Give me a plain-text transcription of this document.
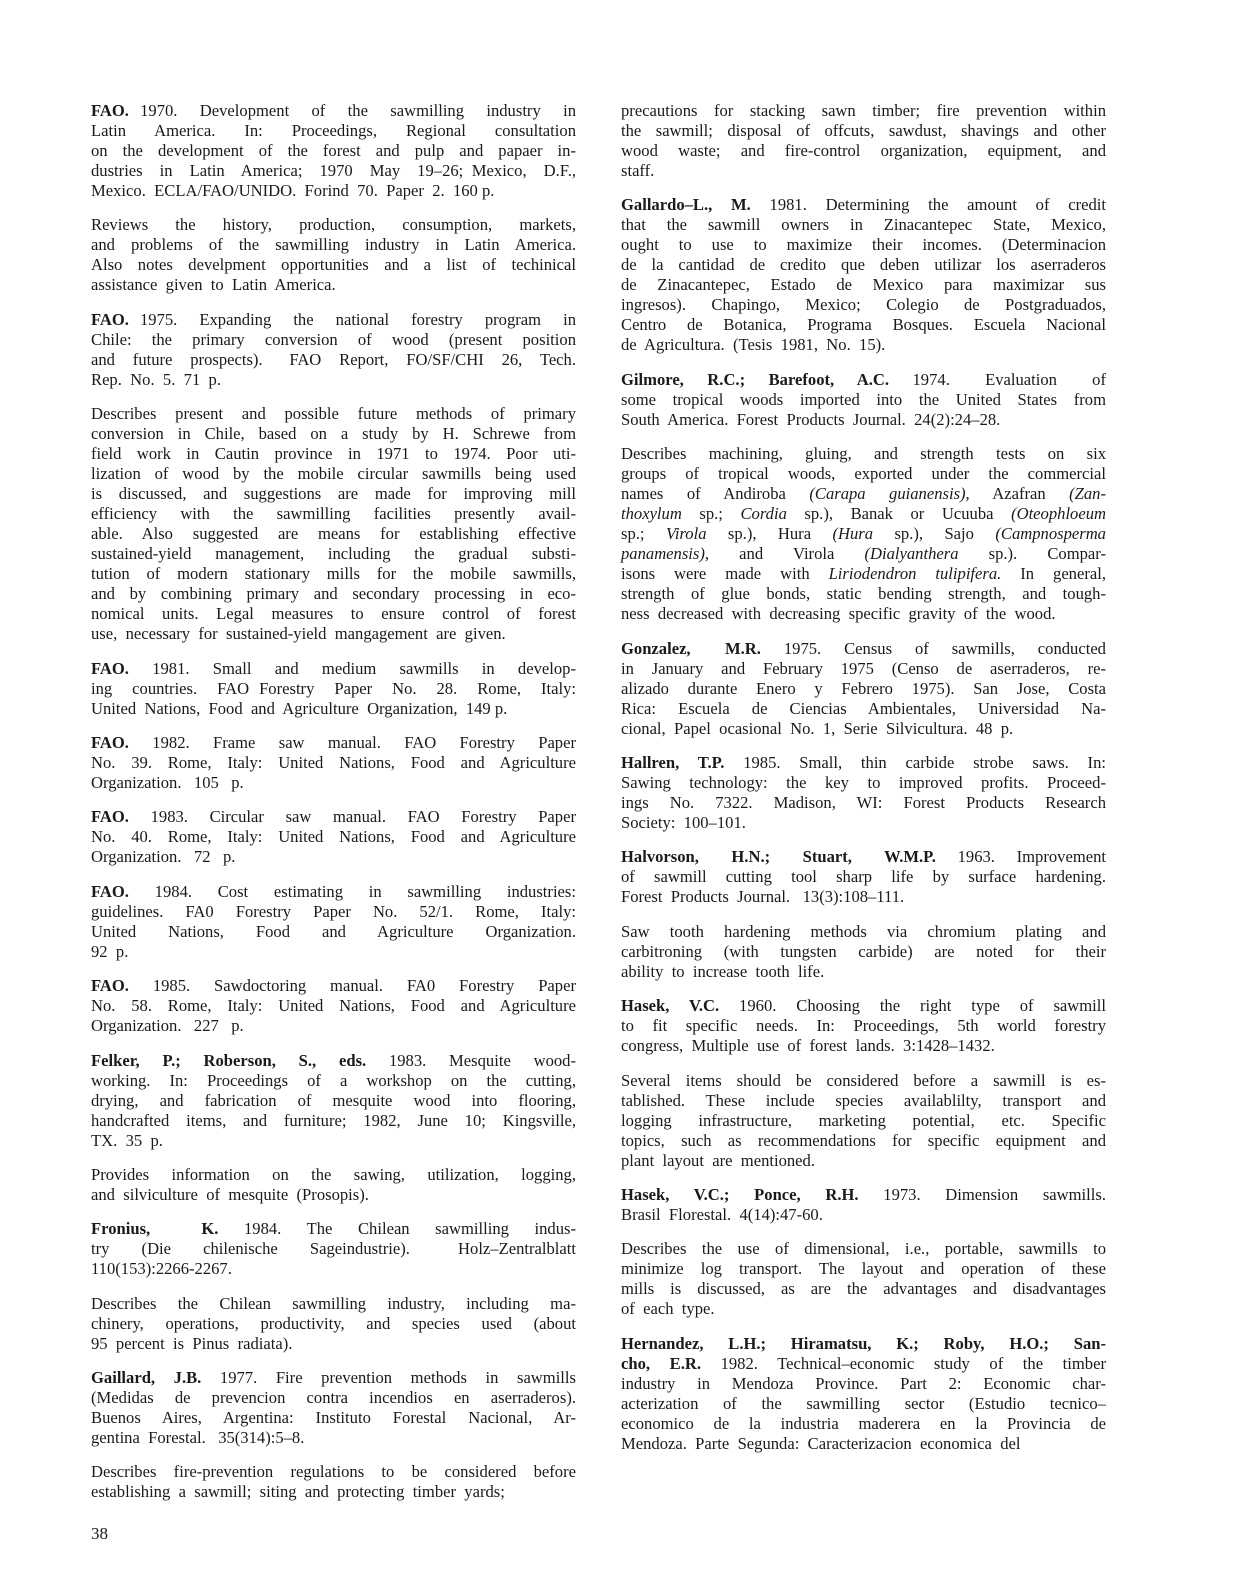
FAO. 1970.  Development  of  the  sawmilling  industry  in
Latin  America.  In:  Proceedings,  Regional  consultation
on  the  development  of  the  forest  and  pulp  and  papaer  in-
dustries  in  Latin  America;  1970  May  19–26; Mexico,  D.F.,
Mexico.  ECLA/FAO/UNIDO.  Forind  70.  Paper  2.  160 p.
Reviews  the  history,  production,  consumption,  markets,
and  problems  of  the  sawmilling  industry  in  Latin  America.
Also  notes  develpment  opportunities  and  a  list  of  techinical
assistance  given  to  Latin  America.
FAO. 1975.  Expanding  the  national  forestry  program  in
Chile:  the  primary  conversion  of  wood  (present  position
and  future  prospects).   FAO  Report,  FO/SF/CHI  26,  Tech.
Rep.  No.  5.  71  p.
Describes  present  and  possible  future  methods  of  primary
conversion  in  Chile,  based  on  a  study  by  H.  Schrewe  from
field  work  in  Cautin  province  in  1971  to  1974.  Poor  uti-
lization  of  wood  by  the  mobile  circular  sawmills  being  used
is  discussed,  and  suggestions  are  made  for  improving  mill
efficiency  with  the  sawmilling  facilities  presently  avail-
able.  Also  suggested  are  means  for  establishing  effective
sustained-yield  management,  including  the  gradual  substi-
tution  of  modern  stationary  mills  for  the  mobile  sawmills,
and  by  combining  primary  and  secondary  processing  in  eco-
nomical  units.  Legal  measures  to  ensure  control  of  forest
use,  necessary  for  sustained-yield  mangagement  are  given.
FAO.  1981.  Small  and  medium  sawmills  in  develop-
ing  countries.  FAO Forestry  Paper  No.  28.  Rome,  Italy:
United  Nations,  Food  and  Agriculture  Organization,  149 p.
FAO.  1982.  Frame  saw  manual.  FAO  Forestry  Paper
No.  39.  Rome,  Italy:  United  Nations,  Food  and  Agriculture
Organization.   105   p.
FAO.  1983.  Circular  saw  manual.  FAO  Forestry  Paper
No.  40.  Rome,  Italy:  United  Nations,  Food  and  Agriculture
Organization.   72   p.
FAO.  1984.  Cost  estimating  in  sawmilling  industries:
guidelines.  FA0  Forestry  Paper  No.  52/1.  Rome,  Italy:
United  Nations,  Food  and  Agriculture  Organization.
92  p.
FAO.  1985.  Sawdoctoring  manual.  FA0  Forestry  Paper
No.  58.  Rome,  Italy:  United  Nations,  Food  and  Agriculture
Organization.   227   p.
Felker,  P.;  Roberson,  S.,  eds.  1983.  Mesquite  wood-
working.  In:  Proceedings  of  a  workshop  on  the  cutting,
drying,  and  fabrication  of  mesquite  wood  into  flooring,
handcrafted  items,  and  furniture;  1982,  June  10;  Kingsville,
TX.  35  p.
Provides  information  on  the  sawing,  utilization,  logging,
and  silviculture  of  mesquite  (Prosopis).
Fronius,    K.  1984.  The  Chilean  sawmilling  indus-
try  (Die  chilenische  Sageindustrie).   Holz–Zentralblatt
110(153):2266-2267.
Describes  the  Chilean  sawmilling  industry,  including  ma-
chinery,  operations,  productivity,  and  species  used  (about
95  percent  is  Pinus  radiata).
Gaillard,  J.B.  1977.  Fire  prevention  methods  in  sawmills
(Medidas  de  prevencion  contra  incendios  en  aserraderos).
Buenos  Aires,  Argentina:  Instituto  Forestal  Nacional,  Ar-
gentina  Forestal.   35(314):5–8.
Describes  fire-prevention  regulations  to  be  considered  before
establishing  a  sawmill;  siting  and  protecting  timber  yards;
38
precautions  for  stacking  sawn  timber;  fire  prevention  within
the  sawmill;  disposal  of  offcuts,  sawdust,  shavings  and  other
wood  waste;  and  fire-control  organization,  equipment,  and
staff.
Gallardo–L.,  M.  1981.  Determining  the  amount  of  credit
that  the  sawmill  owners  in  Zinacantepec  State,  Mexico,
ought  to  use  to  maximize  their  incomes.  (Determinacion
de  la  cantidad  de  credito  que  deben  utilizar  los  aserraderos
de  Zinacantepec,  Estado  de  Mexico  para  maximizar  sus
ingresos).  Chapingo,  Mexico;  Colegio  de  Postgraduados,
Centro  de  Botanica,  Programa  Bosques.  Escuela  Nacional
de  Agricultura.  (Tesis  1981,  No.  15).
Gilmore,  R.C.;  Barefoot,  A.C.  1974.   Evaluation   of
some  tropical  woods  imported  into  the  United  States  from
South  America.  Forest  Products  Journal.  24(2):24–28.
Describes  machining,  gluing,  and  strength  tests  on  six
groups  of  tropical  woods,  exported  under  the  commercial
names  of  Andiroba  (Carapa  guianensis),  Azafran  (Zan-
thoxylum  sp.;  Cordia  sp.),  Banak  or  Ucuuba  (Oteophloeum
sp.;  Virola  sp.),  Hura  (Hura  sp.),  Sajo  (Campnosperma
panamensis),  and  Virola  (Dialyanthera  sp.).  Compar-
isons  were  made  with  Liriodendron  tulipifera.  In  general,
strength  of  glue  bonds,  static  bending  strength,  and  tough-
ness  decreased  with  decreasing  specific  gravity  of  the  wood.
Gonzalez,   M.R.  1975.  Census  of  sawmills,  conducted
in  January  and  February  1975  (Censo  de  aserraderos,  re-
alizado  durante  Enero  y  Febrero  1975).  San  Jose,  Costa
Rica:  Escuela  de  Ciencias  Ambientales,  Universidad  Na-
cional,  Papel  ocasional  No.  1,  Serie  Silvicultura.  48  p.
Hallren,  T.P.  1985.  Small,  thin  carbide  strobe  saws.  In:
Sawing  technology:  the  key  to  improved  profits.  Proceed-
ings  No.  7322.  Madison,  WI:  Forest  Products  Research
Society:  100–101.
Halvorson,   H.N.;   Stuart,   W.M.P.  1963.  Improvement
of  sawmill  cutting  tool  sharp  life  by  surface  hardening.
Forest  Products  Journal.   13(3):108–111.
Saw  tooth  hardening  methods  via  chromium  plating  and
carbitroning  (with  tungsten  carbide)  are  noted  for  their
ability  to  increase  tooth  life.
Hasek,  V.C.  1960.  Choosing  the  right  type  of  sawmill
to  fit  specific  needs.  In:  Proceedings,  5th  world  forestry
congress,  Multiple  use  of  forest  lands.  3:1428–1432.
Several  items  should  be  considered  before  a  sawmill  is  es-
tablished.  These  include  species  availablilty,  transport  and
logging  infrastructure,  marketing  potential,  etc.  Specific
topics,  such  as  recommendations  for  specific  equipment  and
plant  layout  are  mentioned.
Hasek,  V.C.;  Ponce,  R.H.  1973.  Dimension  sawmills.
Brasil  Florestal.  4(14):47-60.
Describes  the  use  of  dimensional,  i.e.,  portable,  sawmills  to
minimize  log  transport.  The  layout  and  operation  of  these
mills  is  discussed,  as  are  the  advantages  and  disadvantages
of  each  type.
Hernandez,  L.H.;  Hiramatsu,  K.;  Roby,  H.O.;  San-
cho,  E.R.  1982.  Technical–economic  study  of  the  timber
industry  in  Mendoza  Province.  Part  2:  Economic  char-
acterization  of  the  sawmilling  sector  (Estudio  tecnico–
economico  de  la  industria  maderera  en  la  Provincia  de
Mendoza.  Parte  Segunda:  Caracterizacion  economica  del
